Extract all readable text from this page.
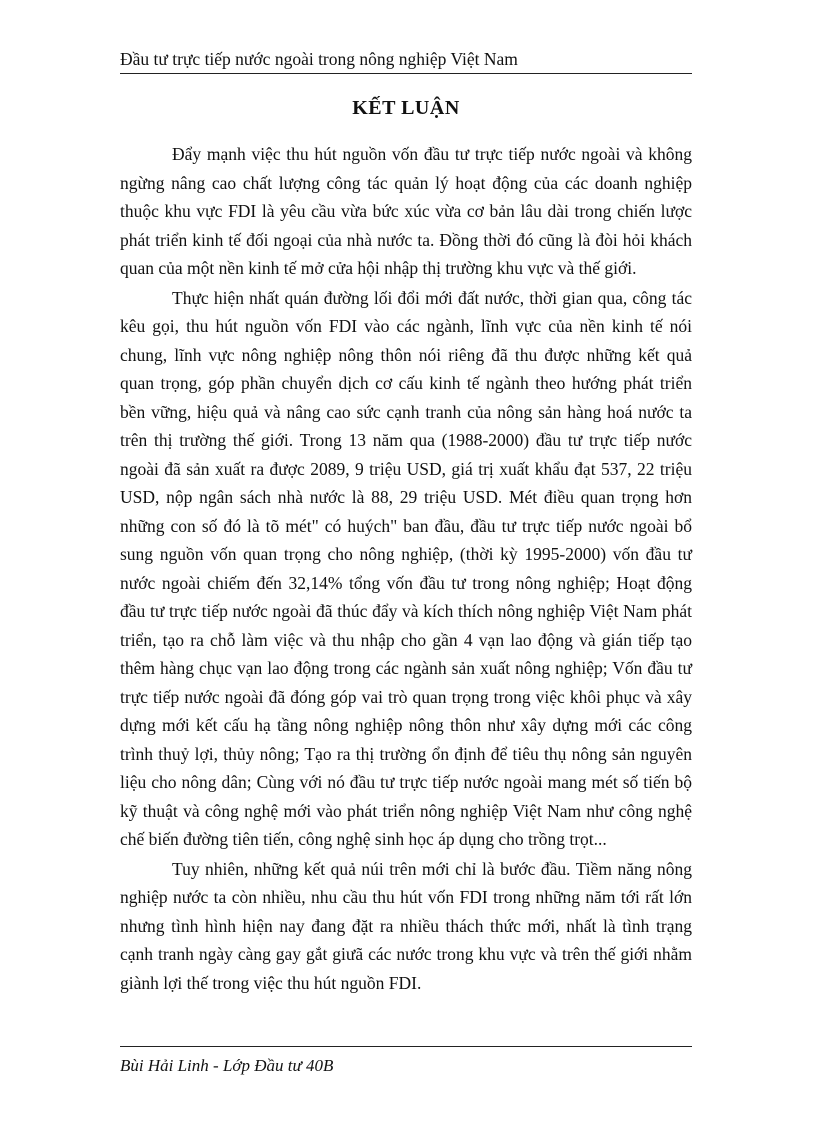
Đầu tư trực tiếp nước ngoài trong nông nghiệp Việt Nam
KẾT LUẬN

Đẩy mạnh việc thu hút nguồn vốn đầu tư trực tiếp nước ngoài và không ngừng nâng cao chất lượng công tác quản lý hoạt động của các doanh nghiệp thuộc khu vực FDI là yêu cầu vừa bức xúc vừa cơ bản lâu dài trong chiến lược phát triển kinh tế đối ngoại của nhà nước ta. Đồng thời đó cũng là đòi hỏi khách quan của một nền kinh tế mở cửa hội nhập thị trường khu vực và thế giới.

Thực hiện nhất quán đường lối đổi mới đất nước, thời gian qua, công tác kêu gọi, thu hút nguồn vốn FDI vào các ngành, lĩnh vực của nền kinh tế nói chung, lĩnh vực nông nghiệp nông thôn nói riêng đã thu được những kết quả quan trọng, góp phần chuyển dịch cơ cấu kinh tế ngành theo hướng phát triển bền vững, hiệu quả và nâng cao sức cạnh tranh của nông sản hàng hoá nước ta trên thị trường thế giới. Trong 13 năm qua (1988-2000) đầu tư trực tiếp nước ngoài đã sản xuất ra được 2089, 9 triệu USD, giá trị xuất khẩu đạt 537, 22 triệu USD, nộp ngân sách nhà nước là 88, 29 triệu USD. Mét điều quan trọng hơn những con số đó là tõ mét" có huých" ban đầu, đầu tư trực tiếp nước ngoài bổ sung nguồn vốn quan trọng cho nông nghiệp, (thời kỳ 1995-2000) vốn đầu tư nước ngoài chiếm đến 32,14% tổng vốn đầu tư trong nông nghiệp; Hoạt động đầu tư trực tiếp nước ngoài đã thúc đẩy và kích thích nông nghiệp Việt Nam phát triển, tạo ra chỗ làm việc và thu nhập cho gần 4 vạn lao động và gián tiếp tạo thêm hàng chục vạn lao động trong các ngành sản xuất nông nghiệp; Vốn đầu tư trực tiếp nước ngoài đã đóng góp vai trò quan trọng trong việc khôi phục và xây dựng mới kết cấu hạ tầng nông nghiệp nông thôn như xây dựng mới các công trình thuỷ lợi, thủy nông; Tạo ra thị trường ổn định để tiêu thụ nông sản nguyên liệu cho nông dân; Cùng với nó đầu tư trực tiếp nước ngoài mang mét số tiến bộ kỹ thuật và công nghệ mới vào phát triển nông nghiệp Việt Nam như công nghệ chế biến đường tiên tiến, công nghệ sinh học áp dụng cho trồng trọt...

Tuy nhiên, những kết quả núi trên mới chỉ là bước đầu. Tiềm năng nông nghiệp nước ta còn nhiều, nhu cầu thu hút vốn FDI trong những năm tới rất lớn nhưng tình hình hiện nay đang đặt ra nhiều thách thức mới, nhất là tình trạng cạnh tranh ngày càng gay gắt giưã các nước trong khu vực và trên thế giới nhằm giành lợi thế trong việc thu hút nguồn FDI.

Bùi Hải Linh - Lớp Đầu tư 40B
